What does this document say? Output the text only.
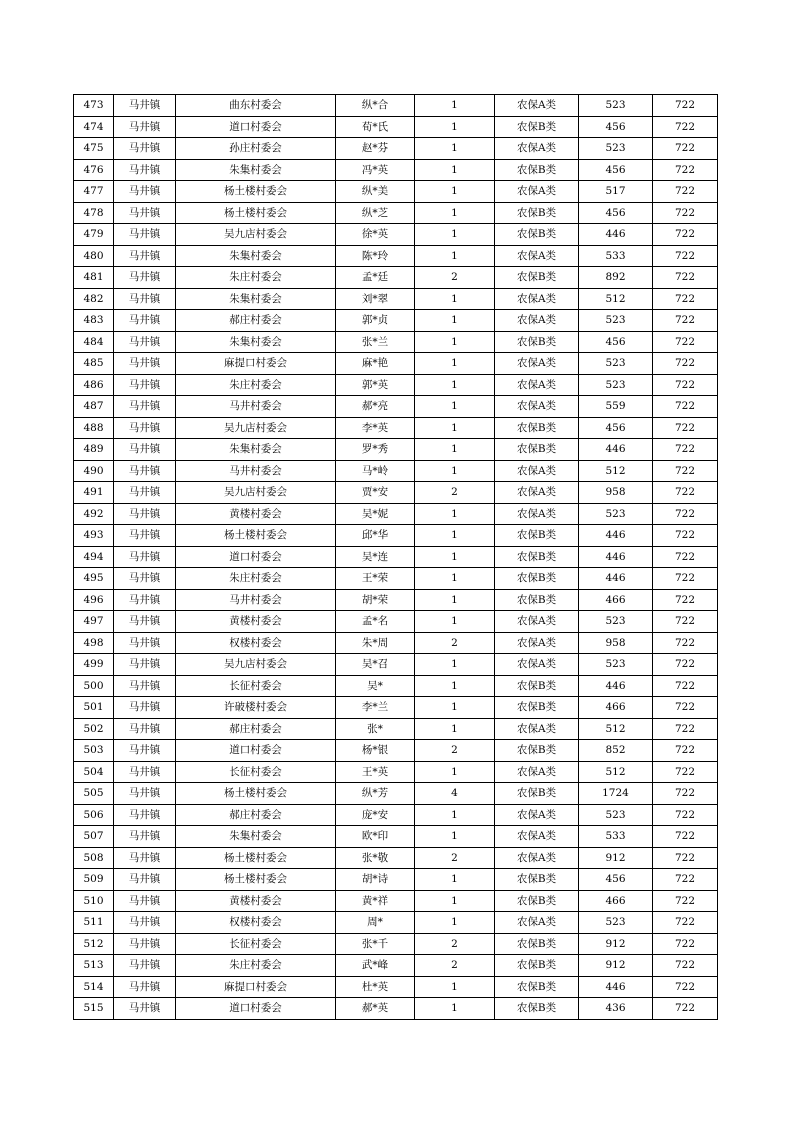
473	马井镇	曲东村委会	纵*合	1	农保A类	523	722
474	马井镇	道口村委会	荀*氏	1	农保B类	456	722
475	马井镇	孙庄村委会	赵*芬	1	农保A类	523	722
476	马井镇	朱集村委会	冯*英	1	农保B类	456	722
477	马井镇	杨土楼村委会	纵*美	1	农保A类	517	722
478	马井镇	杨土楼村委会	纵*芝	1	农保B类	456	722
479	马井镇	吴九店村委会	徐*英	1	农保B类	446	722
480	马井镇	朱集村委会	陈*玲	1	农保A类	533	722
481	马井镇	朱庄村委会	孟*廷	2	农保B类	892	722
482	马井镇	朱集村委会	刘*翠	1	农保A类	512	722
483	马井镇	郝庄村委会	郭*贞	1	农保A类	523	722
484	马井镇	朱集村委会	张*兰	1	农保B类	456	722
485	马井镇	麻提口村委会	麻*艳	1	农保A类	523	722
486	马井镇	朱庄村委会	郭*英	1	农保A类	523	722
487	马井镇	马井村委会	郝*亮	1	农保A类	559	722
488	马井镇	吴九店村委会	李*英	1	农保B类	456	722
489	马井镇	朱集村委会	罗*秀	1	农保B类	446	722
490	马井镇	马井村委会	马*岭	1	农保A类	512	722
491	马井镇	吴九店村委会	贾*安	2	农保A类	958	722
492	马井镇	黄楼村委会	吴*妮	1	农保A类	523	722
493	马井镇	杨土楼村委会	邱*华	1	农保B类	446	722
494	马井镇	道口村委会	吴*连	1	农保B类	446	722
495	马井镇	朱庄村委会	王*荣	1	农保B类	446	722
496	马井镇	马井村委会	胡*荣	1	农保B类	466	722
497	马井镇	黄楼村委会	孟*名	1	农保A类	523	722
498	马井镇	权楼村委会	朱*周	2	农保A类	958	722
499	马井镇	吴九店村委会	吴*召	1	农保A类	523	722
500	马井镇	长征村委会	吴*	1	农保B类	446	722
501	马井镇	许破楼村委会	李*兰	1	农保B类	466	722
502	马井镇	郝庄村委会	张*	1	农保A类	512	722
503	马井镇	道口村委会	杨*银	2	农保B类	852	722
504	马井镇	长征村委会	王*英	1	农保A类	512	722
505	马井镇	杨土楼村委会	纵*芳	4	农保B类	1724	722
506	马井镇	郝庄村委会	庞*安	1	农保A类	523	722
507	马井镇	朱集村委会	欧*印	1	农保A类	533	722
508	马井镇	杨土楼村委会	张*敬	2	农保A类	912	722
509	马井镇	杨土楼村委会	胡*诗	1	农保B类	456	722
510	马井镇	黄楼村委会	黄*祥	1	农保B类	466	722
511	马井镇	权楼村委会	周*	1	农保A类	523	722
512	马井镇	长征村委会	张*千	2	农保B类	912	722
513	马井镇	朱庄村委会	武*峰	2	农保B类	912	722
514	马井镇	麻提口村委会	杜*英	1	农保B类	446	722
515	马井镇	道口村委会	郝*英	1	农保B类	436	722
